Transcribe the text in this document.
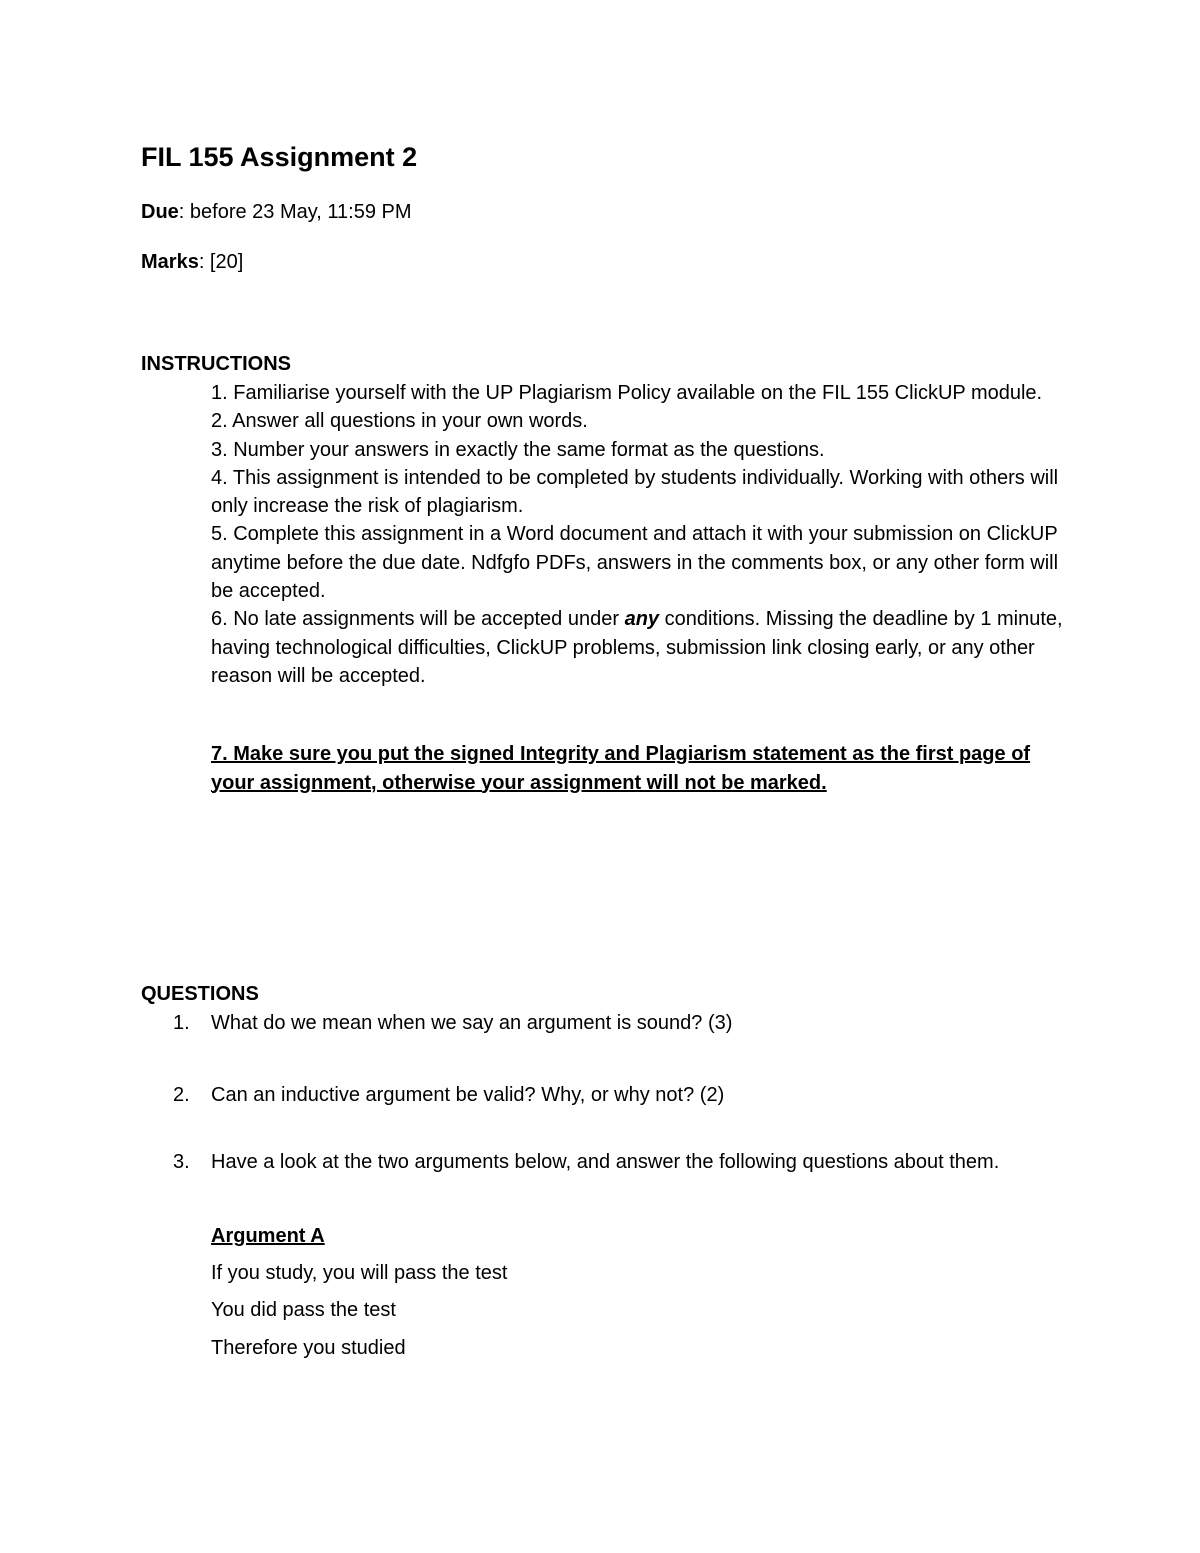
FIL 155 Assignment 2
Due: before 23 May, 11:59 PM
Marks: [20]
INSTRUCTIONS

1. Familiarise yourself with the UP Plagiarism Policy available on the FIL 155 ClickUP module.

2. Answer all questions in your own words.

3. Number your answers in exactly the same format as the questions.

4. This assignment is intended to be completed by students individually. Working with others will only increase the risk of plagiarism.

5. Complete this assignment in a Word document and attach it with your submission on ClickUP anytime before the due date. Ndfgfo PDFs, answers in the comments box, or any other form will be accepted.

6. No late assignments will be accepted under any conditions. Missing the deadline by 1 minute, having technological difficulties, ClickUP problems, submission link closing early, or any other reason will be accepted.

7. Make sure you put the signed Integrity and Plagiarism statement as the first page of your assignment, otherwise your assignment will not be marked.
QUESTIONS
1. What do we mean when we say an argument is sound? (3)
2. Can an inductive argument be valid? Why, or why not? (2)
3. Have a look at the two arguments below, and answer the following questions about them.
Argument A
If you study, you will pass the test
You did pass the test
Therefore you studied
